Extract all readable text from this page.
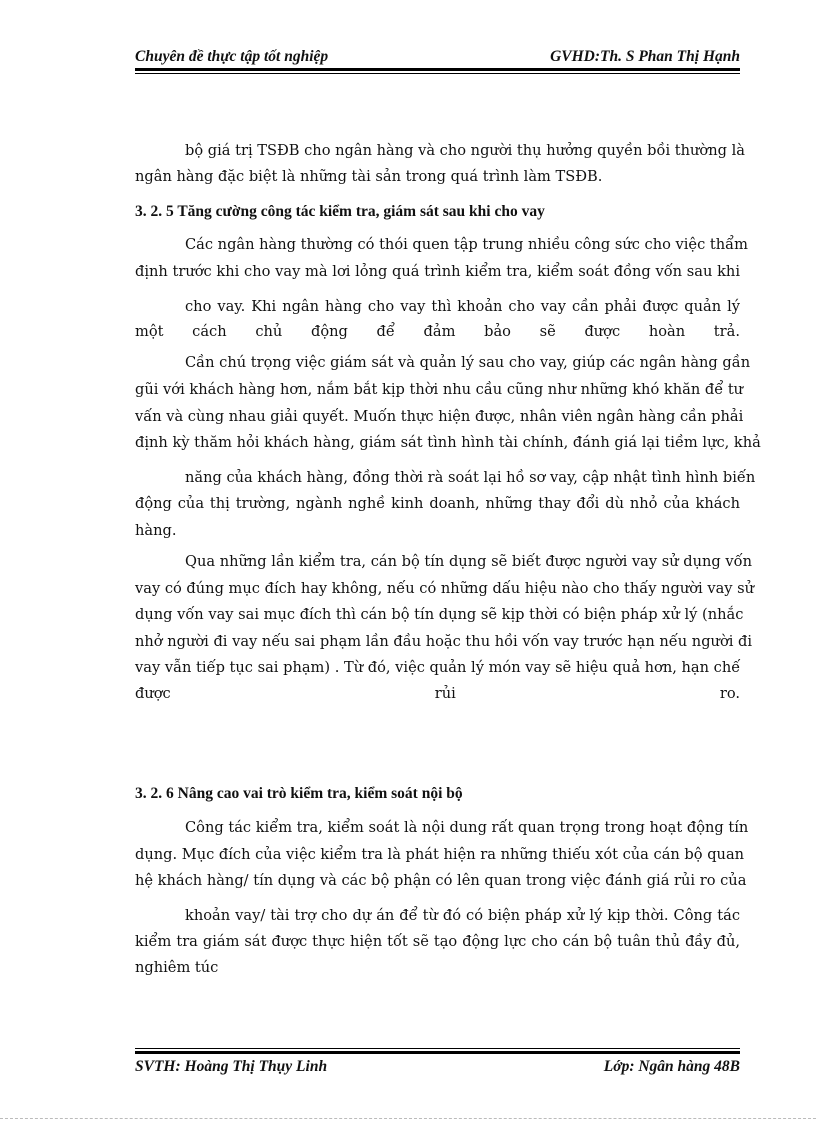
Chuyên đề thực tập tốt nghiệp	GVHD:Th. S Phan Thị Hạnh
bộ giá trị TSĐB cho ngân hàng và cho người thụ hưởng quyền bồi thường là
ngân hàng đặc biệt là những tài sản trong quá trình làm TSĐB.
3. 2. 5 Tăng cường công tác kiểm tra, giám sát sau khi cho vay
Các ngân hàng thường có thói quen tập trung nhiều công sức cho việc thẩm
định trước khi cho vay mà lơi lỏng quá trình kiểm tra, kiểm soát đồng vốn sau khi
cho vay. Khi ngân hàng cho vay thì khoản cho vay cần phải được quản lý
một cách chủ động để đảm bảo sẽ được hoàn trả.
Cần chú trọng việc giám sát và quản lý sau cho vay, giúp các ngân hàng gần
gũi với khách hàng hơn, nắm bắt kịp thời nhu cầu cũng như những khó khăn để tư
vấn và cùng nhau giải quyết. Muốn thực hiện được, nhân viên ngân hàng cần phải
định kỳ thăm hỏi khách hàng, giám sát tình hình tài chính, đánh giá lại tiềm lực, khả
năng của khách hàng, đồng thời rà soát lại hồ sơ vay, cập nhật tình hình biến
động của thị trường, ngành nghề kinh doanh, những thay đổi dù nhỏ của khách
hàng.
Qua những lần kiểm tra, cán bộ tín dụng sẽ biết được người vay sử dụng vốn
vay có đúng mục đích hay không, nếu có những dấu hiệu nào cho thấy người vay sử
dụng vốn vay sai mục đích thì cán bộ tín dụng sẽ kịp thời có biện pháp xử lý (nhắc
nhở người đi vay nếu sai phạm lần đầu hoặc thu hồi vốn vay trước hạn nếu người đi
vay vẫn tiếp tục sai phạm) . Từ đó, việc quản lý món vay sẽ hiệu quả hơn, hạn chế
được rủi ro.
3. 2. 6 Nâng cao vai trò kiểm tra, kiểm soát nội bộ
Công tác kiểm tra, kiểm soát là nội dung rất quan trọng trong hoạt động tín
dụng. Mục đích của việc kiểm tra là phát hiện ra những thiếu xót của cán bộ quan
hệ khách hàng/ tín dụng và các bộ phận có lên quan trong việc đánh giá rủi ro của
khoản vay/ tài trợ cho dự án để từ đó có biện pháp xử lý kịp thời. Công tác
kiểm tra giám sát được thực hiện tốt sẽ tạo động lực cho cán bộ tuân thủ đầy đủ,
nghiêm túc
SVTH: Hoàng Thị Thụy Linh	Lớp: Ngân hàng 48B
